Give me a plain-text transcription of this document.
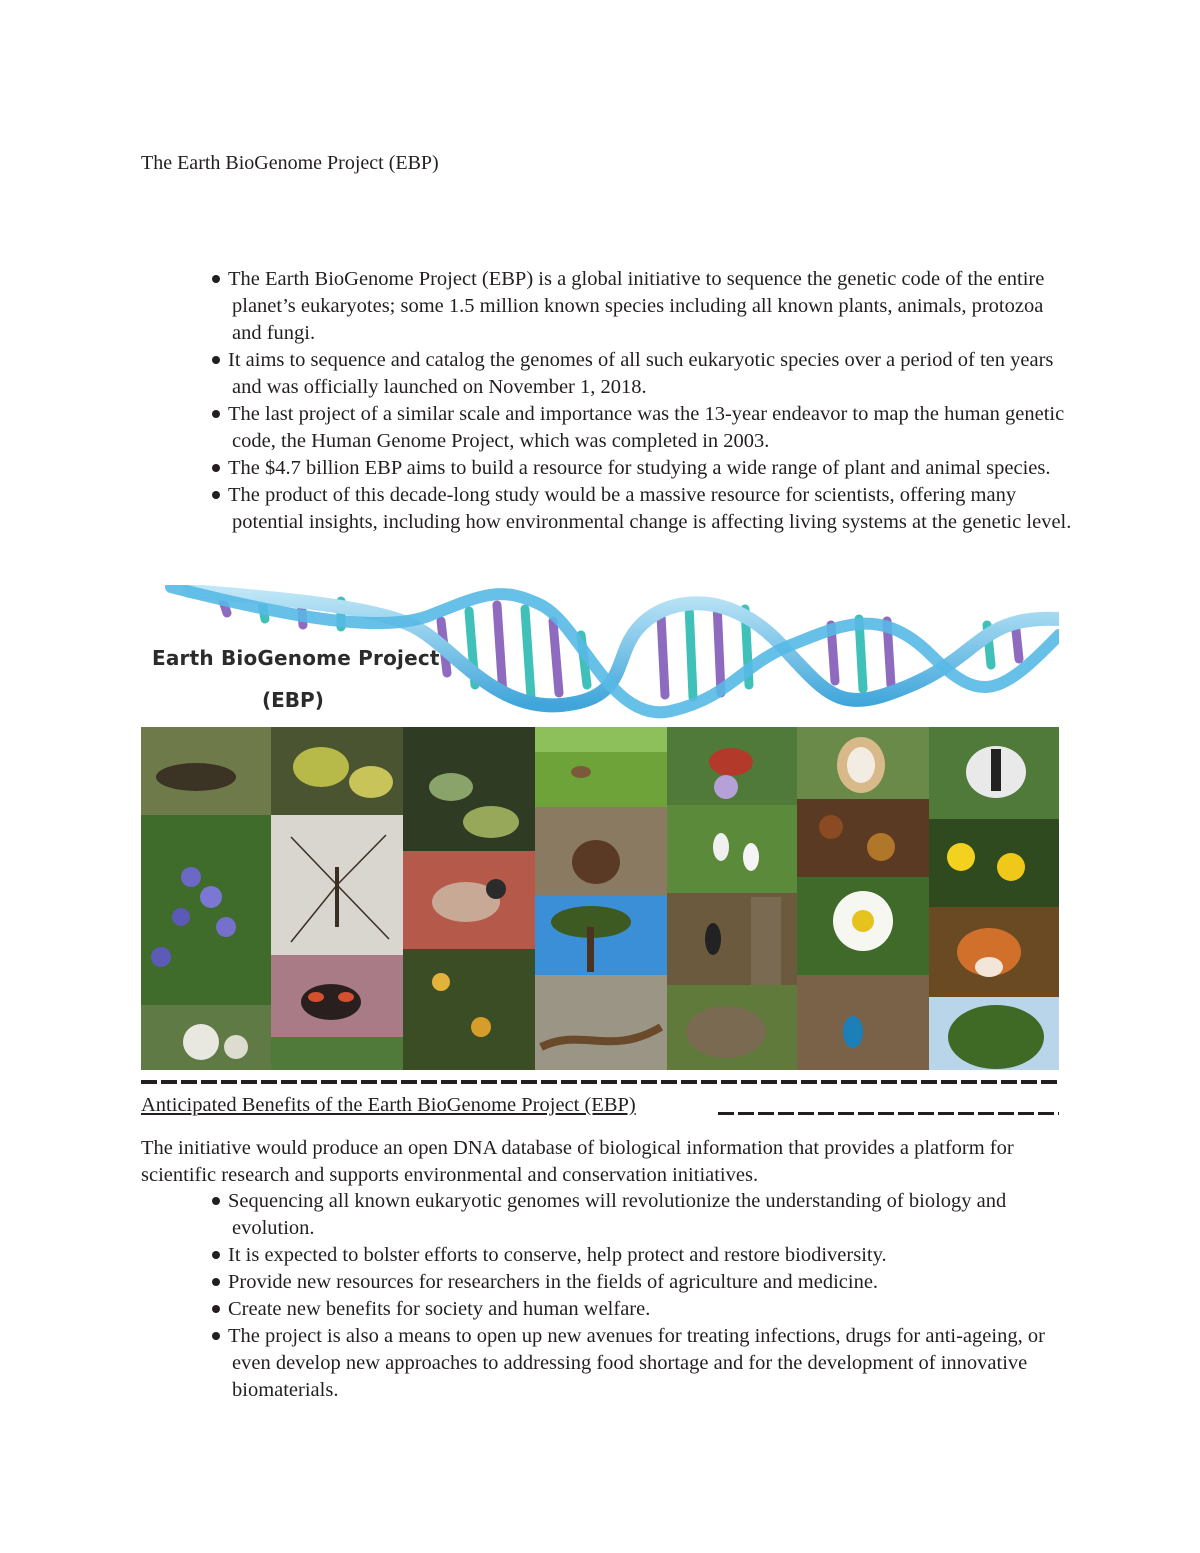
The Earth BioGenome Project (EBP)
The Earth BioGenome Project (EBP) is a global initiative to sequence the genetic code of the entire planet’s eukaryotes; some 1.5 million known species including all known plants, animals, protozoa and fungi.
It aims to sequence and catalog the genomes of all such eukaryotic species over a period of ten years and was officially launched on November 1, 2018.
The last project of a similar scale and importance was the 13-year endeavor to map the human genetic code, the Human Genome Project, which was completed in 2003.
The $4.7 billion EBP aims to build a resource for studying a wide range of plant and animal species.
The product of this decade-long study would be a massive resource for scientists, offering many potential insights, including how environmental change is affecting living systems at the genetic level.
Earth BioGenome Project
(EBP)
Anticipated Benefits of the Earth BioGenome Project (EBP)

The initiative would produce an open DNA database of biological information that provides a platform for scientific research and supports environmental and conservation initiatives.

Sequencing all known eukaryotic genomes will revolutionize the understanding of biology and evolution.
It is expected to bolster efforts to conserve, help protect and restore biodiversity.
Provide new resources for researchers in the fields of agriculture and medicine.
Create new benefits for society and human welfare.
The project is also a means to open up new avenues for treating infections, drugs for anti-ageing, or even develop new approaches to addressing food shortage and for the development of innovative biomaterials.
